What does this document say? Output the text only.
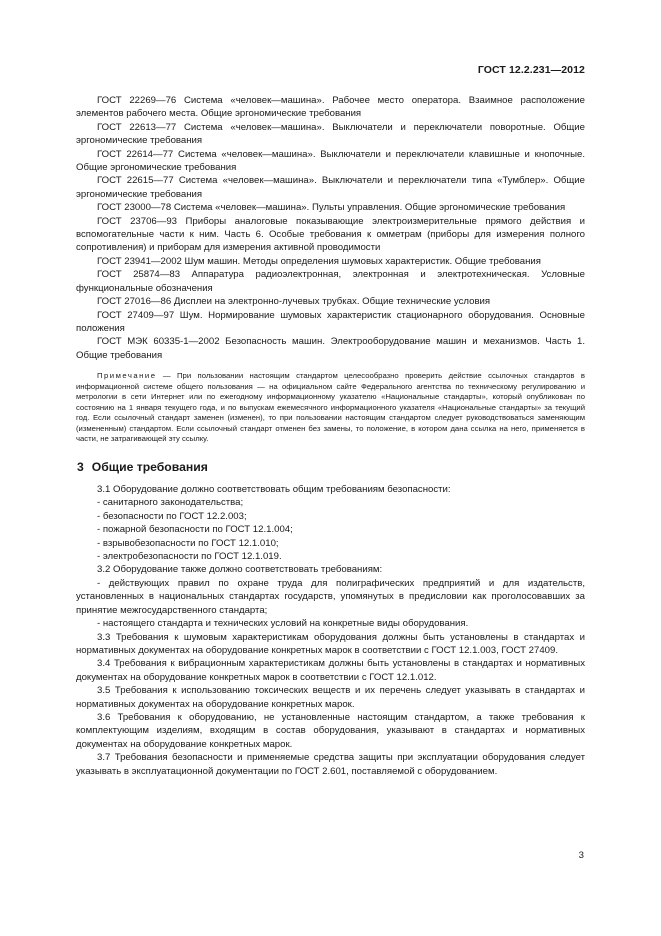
ГОСТ 12.2.231—2012

ГОСТ 22269—76 Система «человек—машина». Рабочее место оператора. Взаимное расположение элементов рабочего места. Общие эргономические требования

ГОСТ 22613—77 Система «человек—машина». Выключатели и переключатели поворотные. Общие эргономические требования

ГОСТ 22614—77 Система «человек—машина». Выключатели и переключатели клавишные и кнопочные. Общие эргономические требования

ГОСТ 22615—77 Система «человек—машина». Выключатели и переключатели типа «Тумблер». Общие эргономические требования

ГОСТ 23000—78 Система «человек—машина». Пульты управления. Общие эргономические требования

ГОСТ 23706—93 Приборы аналоговые показывающие электроизмерительные прямого действия и вспомогательные части к ним. Часть 6. Особые требования к омметрам (приборы для измерения полного сопротивления) и приборам для измерения активной проводимости

ГОСТ 23941—2002 Шум машин. Методы определения шумовых характеристик. Общие требования

ГОСТ 25874—83 Аппаратура радиоэлектронная, электронная и электротехническая. Условные функциональные обозначения

ГОСТ 27016—86 Дисплеи на электронно-лучевых трубках. Общие технические условия

ГОСТ 27409—97 Шум. Нормирование шумовых характеристик стационарного оборудования. Основные положения

ГОСТ МЭК 60335-1—2002 Безопасность машин. Электрооборудование машин и механизмов. Часть 1. Общие требования

Примечание — При пользовании настоящим стандартом целесообразно проверить действие ссылочных стандартов в информационной системе общего пользования — на официальном сайте Федерального агентства по техническому регулированию и метрологии в сети Интернет или по ежегодному информационному указателю «Национальные стандарты», который опубликован по состоянию на 1 января текущего года, и по выпускам ежемесячного информационного указателя «Национальные стандарты» за текущий год. Если ссылочный стандарт заменен (изменен), то при пользовании настоящим стандартом следует руководствоваться заменяющим (измененным) стандартом. Если ссылочный стандарт отменен без замены, то положение, в котором дана ссылка на него, применяется в части, не затрагивающей эту ссылку.

3 Общие требования

3.1 Оборудование должно соответствовать общим требованиям безопасности:

- санитарного законодательства;

- безопасности по ГОСТ 12.2.003;

- пожарной безопасности по ГОСТ 12.1.004;

- взрывобезопасности по ГОСТ 12.1.010;

- электробезопасности по ГОСТ 12.1.019.

3.2 Оборудование также должно соответствовать требованиям:

- действующих правил по охране труда для полиграфических предприятий и для издательств, установленных в национальных стандартах государств, упомянутых в предисловии как проголосовавших за принятие межгосударственного стандарта;

- настоящего стандарта и технических условий на конкретные виды оборудования.

3.3 Требования к шумовым характеристикам оборудования должны быть установлены в стандартах и нормативных документах на оборудование конкретных марок в соответствии с ГОСТ 12.1.003, ГОСТ 27409.

3.4 Требования к вибрационным характеристикам должны быть установлены в стандартах и нормативных документах на оборудование конкретных марок в соответствии с ГОСТ 12.1.012.

3.5 Требования к использованию токсических веществ и их перечень следует указывать в стандартах и нормативных документах на оборудование конкретных марок.

3.6 Требования к оборудованию, не установленные настоящим стандартом, а также требования к комплектующим изделиям, входящим в состав оборудования, указывают в стандартах и нормативных документах на оборудование конкретных марок.

3.7 Требования безопасности и применяемые средства защиты при эксплуатации оборудования следует указывать в эксплуатационной документации по ГОСТ 2.601, поставляемой с оборудованием.

3
